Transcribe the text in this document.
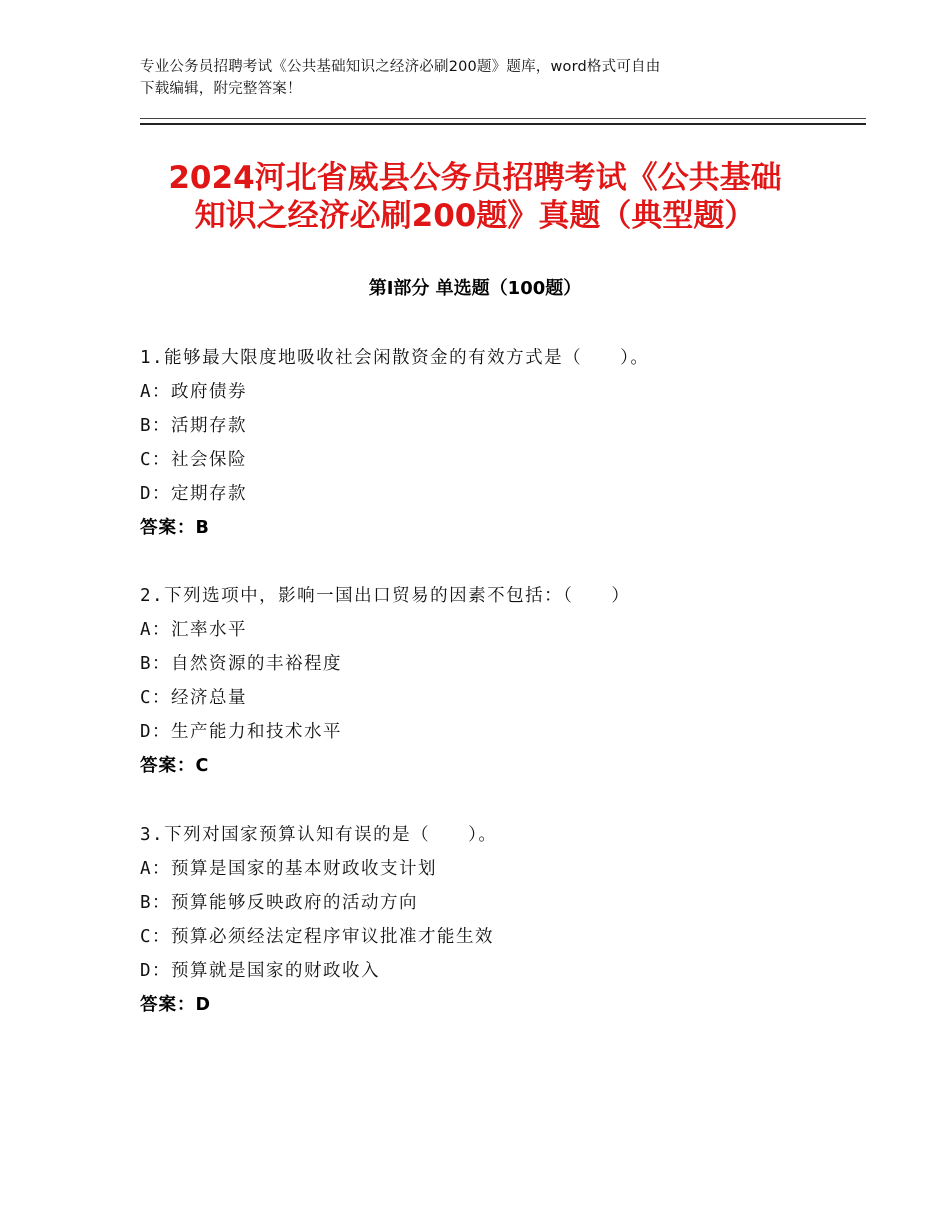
专业公务员招聘考试《公共基础知识之经济必刷200题》题库，word格式可自由
下载编辑，附完整答案！
2024河北省威县公务员招聘考试《公共基础
知识之经济必刷200题》真题（典型题）
第Ⅰ部分 单选题（100题）
1.能够最大限度地吸收社会闲散资金的有效方式是（　　）。
A：政府债券
B：活期存款
C：社会保险
D：定期存款
答案：B
2.下列选项中，影响一国出口贸易的因素不包括：（　　）
A：汇率水平
B：自然资源的丰裕程度
C：经济总量
D：生产能力和技术水平
答案：C
3.下列对国家预算认知有误的是（　　）。
A：预算是国家的基本财政收支计划
B：预算能够反映政府的活动方向
C：预算必须经法定程序审议批准才能生效
D：预算就是国家的财政收入
答案：D
